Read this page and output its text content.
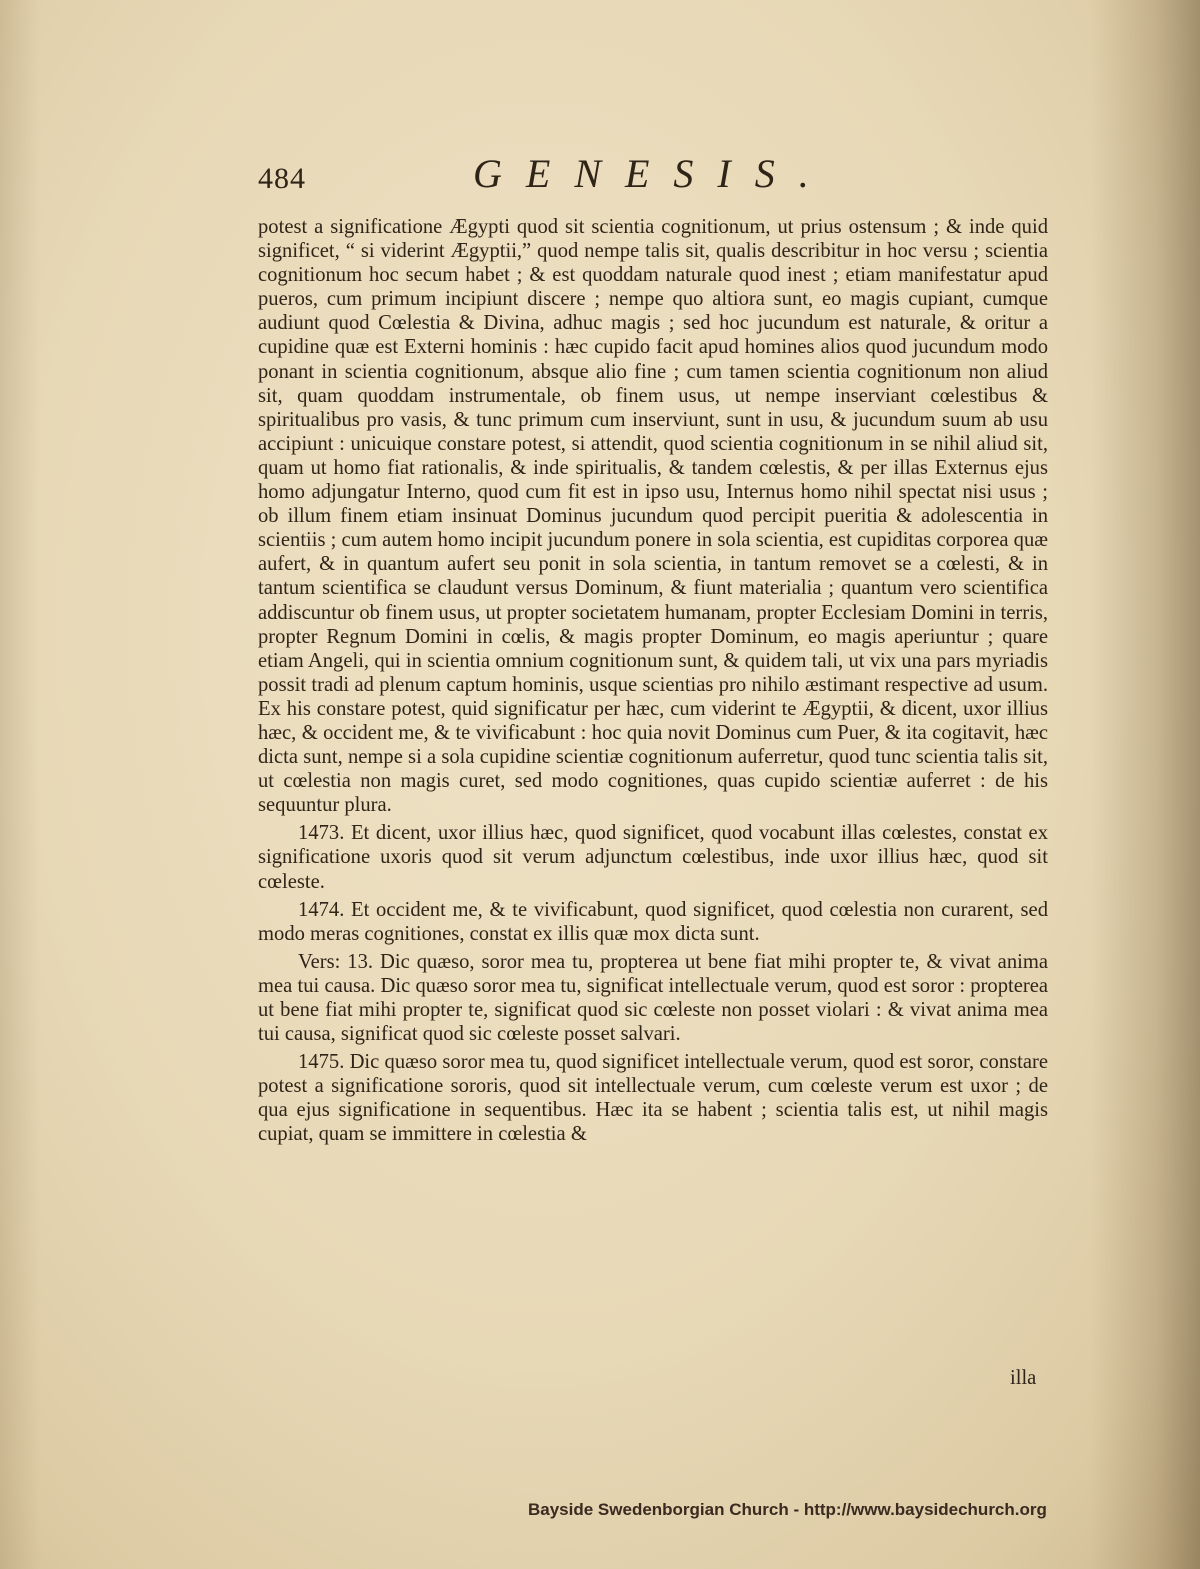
484	GENESIS.

potest a significatione Ægypti quod sit scientia cognitionum, ut prius ostensum ; & inde quid significet, “ si viderint Ægyptii,” quod nempe talis sit, qualis describitur in hoc versu ; scientia cognitionum hoc secum habet ; & est quoddam naturale quod inest ; etiam manifestatur apud pueros, cum primum incipiunt discere ; nempe quo altiora sunt, eo magis cupiant, cumque audiunt quod Cœlestia & Divina, adhuc magis ; sed hoc jucundum est naturale, & oritur a cupidine quæ est Externi hominis : hæc cupido facit apud homines alios quod jucundum modo ponant in scientia cognitionum, absque alio fine ; cum tamen scientia cognitionum non aliud sit, quam quoddam instrumentale, ob finem usus, ut nempe inserviant cœlestibus & spiritualibus pro vasis, & tunc primum cum inserviunt, sunt in usu, & jucundum suum ab usu accipiunt : unicuique constare potest, si attendit, quod scientia cognitionum in se nihil aliud sit, quam ut homo fiat rationalis, & inde spiritualis, & tandem cœlestis, & per illas Externus ejus homo adjungatur Interno, quod cum fit est in ipso usu, Internus homo nihil spectat nisi usus ; ob illum finem etiam insinuat Dominus jucundum quod percipit pueritia & adolescentia in scientiis ; cum autem homo incipit jucundum ponere in sola scientia, est cupiditas corporea quæ aufert, & in quantum aufert seu ponit in sola scientia, in tantum removet se a cœlesti, & in tantum scientifica se claudunt versus Dominum, & fiunt materialia ; quantum vero scientifica addiscuntur ob finem usus, ut propter societatem humanam, propter Ecclesiam Domini in terris, propter Regnum Domini in cœlis, & magis propter Dominum, eo magis aperiuntur ; quare etiam Angeli, qui in scientia omnium cognitionum sunt, & quidem tali, ut vix una pars myriadis possit tradi ad plenum captum hominis, usque scientias pro nihilo æstimant respective ad usum. Ex his constare potest, quid significatur per hæc, cum viderint te Ægyptii, & dicent, uxor illius hæc, & occident me, & te vivificabunt : hoc quia novit Dominus cum Puer, & ita cogitavit, hæc dicta sunt, nempe si a sola cupidine scientiæ cognitionum auferretur, quod tunc scientia talis sit, ut cœlestia non magis curet, sed modo cognitiones, quas cupido scientiæ auferret : de his sequuntur plura.

1473. Et dicent, uxor illius hæc, quod significet, quod vocabunt illas cœlestes, constat ex significatione uxoris quod sit verum adjunctum cœlestibus, inde uxor illius hæc, quod sit cœleste.

1474. Et occident me, & te vivificabunt, quod significet, quod cœlestia non curarent, sed modo meras cognitiones, constat ex illis quæ mox dicta sunt.

Vers: 13. Dic quæso, soror mea tu, propterea ut bene fiat mihi propter te, & vivat anima mea tui causa. Dic quæso soror mea tu, significat intellectuale verum, quod est soror : propterea ut bene fiat mihi propter te, significat quod sic cœleste non posset violari : & vivat anima mea tui causa, significat quod sic cœleste posset salvari.

1475. Dic quæso soror mea tu, quod significet intellectuale verum, quod est soror, constare potest a significatione sororis, quod sit intellectuale verum, cum cœleste verum est uxor ; de qua ejus significatione in sequentibus. Hæc ita se habent ; scientia talis est, ut nihil magis cupiat, quam se immittere in cœlestia &

illa
Bayside Swedenborgian Church - http://www.baysidechurch.org
